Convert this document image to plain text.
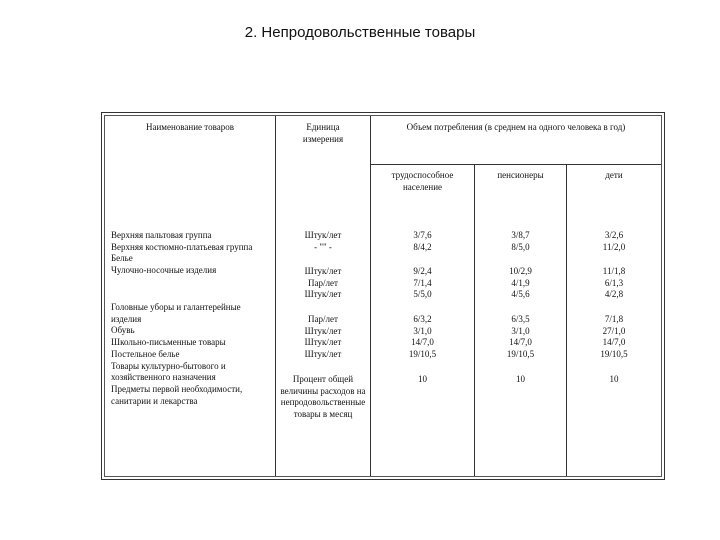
2. Непродовольственные товары
Наименование товаров	Единица
измерения
Объем потребления (в среднем на одного человека в год)
трудоспособное
население
пенсионеры	дети
Верхняя пальтовая группа
Верхняя костюмно-платьевая группа
Белье
Чулочно-носочные изделия
Головные уборы и галантерейные изделия
Обувь
Школьно-письменные товары
Постельное белье
Товары культурно-бытового и хозяйственного назначения
Предметы первой необходимости, санитарии и лекарства
Штук/лет
- "" -
Штук/лет
Пар/лет
Штук/лет
Пар/лет
Штук/лет
Штук/лет
Штук/лет
Процент общей величины расходов на непродовольственные товары в месяц
3/7,6
8/4,2
9/2,4
7/1,4
5/5,0
6/3,2
3/1,0
14/7,0
19/10,5
10
3/8,7
8/5,0
10/2,9
4/1,9
4/5,6
6/3,5
3/1,0
14/7,0
19/10,5
10
3/2,6
11/2,0
11/1,8
6/1,3
4/2,8
7/1,8
27/1,0
14/7,0
19/10,5
10
